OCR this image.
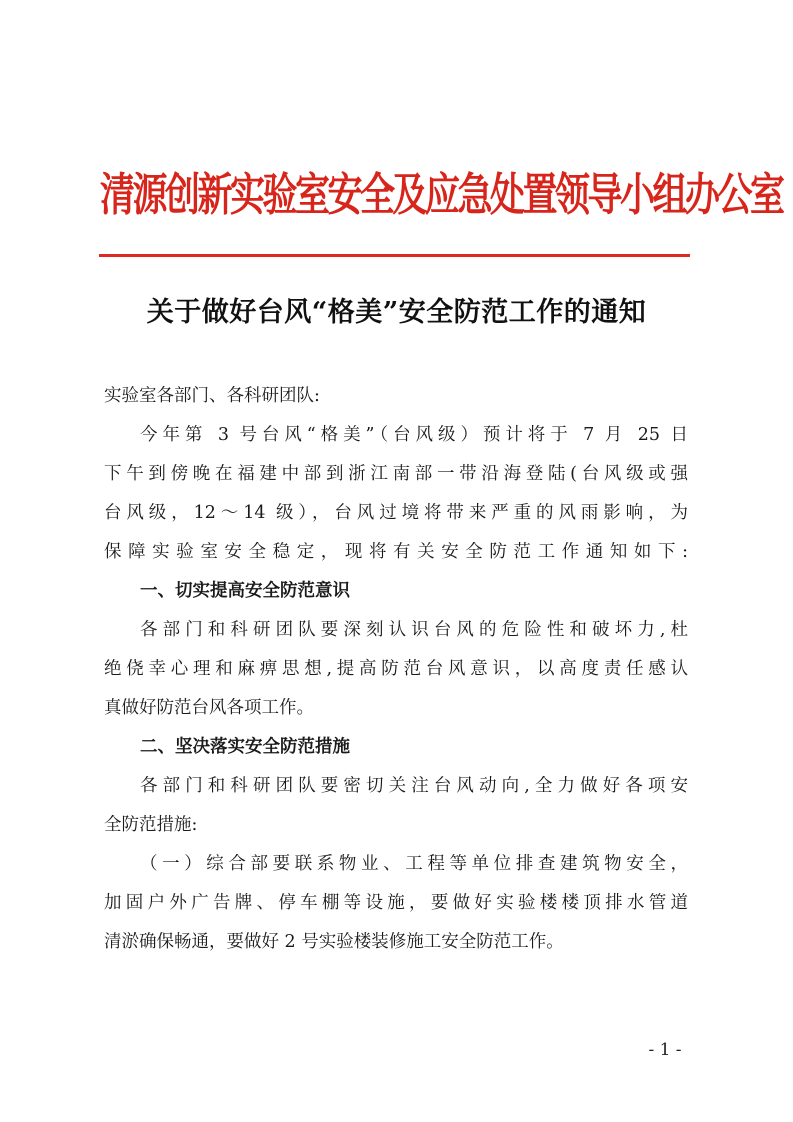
清源创新实验室安全及应急处置领导小组办公室
关于做好台风“格美”安全防范工作的通知
实验室各部门、各科研团队:
今年第 3 号台风“格美”（台风级）预计将于 7 月 25 日
下午到傍晚在福建中部到浙江南部一带沿海登陆(台风级或强
台风级，12～14 级），台风过境将带来严重的风雨影响，为
保障实验室安全稳定，现将有关安全防范工作通知如下:
一、切实提高安全防范意识
各部门和科研团队要深刻认识台风的危险性和破坏力,杜
绝侥幸心理和麻痹思想,提高防范台风意识，以高度责任感认
真做好防范台风各项工作。
二、坚决落实安全防范措施
各部门和科研团队要密切关注台风动向,全力做好各项安
全防范措施:
（一）综合部要联系物业、工程等单位排查建筑物安全，
加固户外广告牌、停车棚等设施，要做好实验楼楼顶排水管道
清淤确保畅通，要做好 2 号实验楼装修施工安全防范工作。
- 1 -
